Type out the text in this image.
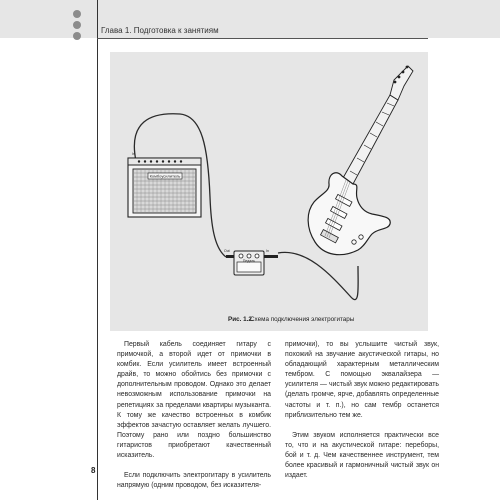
Глава 1. Подготовка к занятиям
Комбоусилитель
In
Педаль
Out	In
Рис. 1.2.
Схема подключения электрогитары

Первый кабель соединяет гитару с примочкой, а второй идет от примочки в комбик. Если усилитель имеет встроенный драйв, то можно обойтись без примочки с дополнительным проводом. Однако это делает невозможным использование примочки на репетициях за пределами квартиры музыканта. К тому же качество встроенных в комбик эффектов зачастую оставляет желать лучшего. Поэтому рано или поздно большинство гитаристов приобретают качественный исказитель.

Если подключить электрогитару в усилитель напрямую (одним проводом, без исказителя-

примочки), то вы услышите чистый звук, похожий на звучание акустической гитары, но обладающий характерным металлическим тембром. С помощью эквалайзера — усилителя — чистый звук можно редактировать (делать громче, ярче, добавлять определенные частоты и т. п.), но сам тембр останется приблизительно тем же.

Этим звуком исполняется практически все то, что и на акустической гитаре: переборы, бой и т. д. Чем качественнее инструмент, тем более красивый и гармоничный чистый звук он издает.

8
